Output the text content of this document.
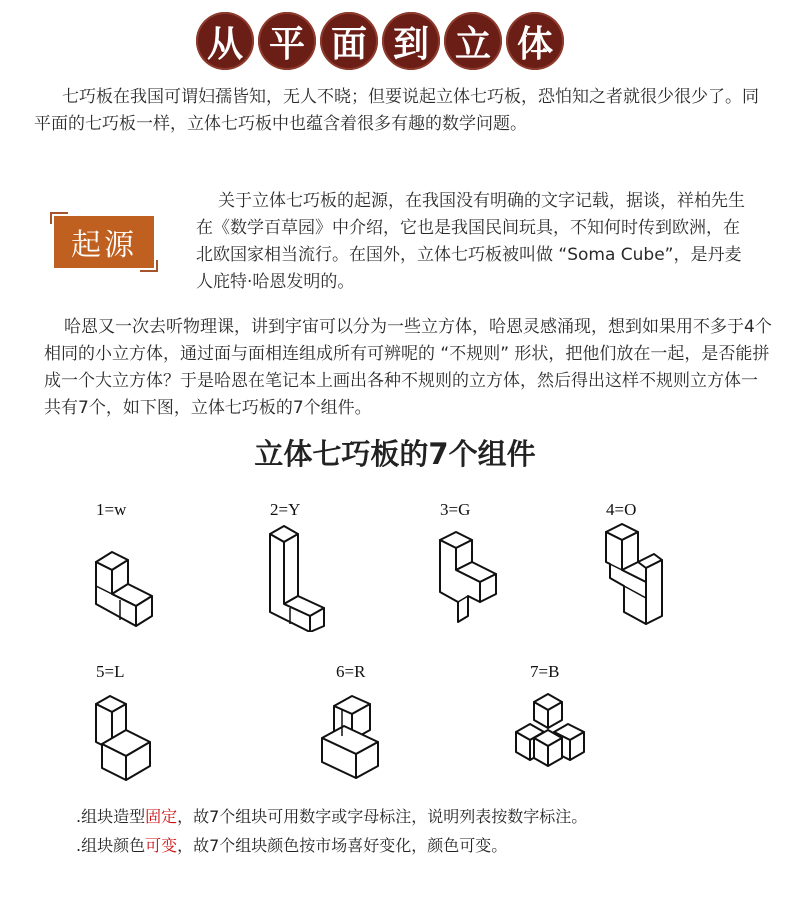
从 平 面 到 立 体

七巧板在我国可谓妇孺皆知，无人不晓；但要说起立体七巧板，恐怕知之者就很少很少了。同平面的七巧板一样，立体七巧板中也蕴含着很多有趣的数学问题。

起源

关于立体七巧板的起源，在我国没有明确的文字记载，据谈，祥柏先生在《数学百草园》中介绍，它也是我国民间玩具，不知何时传到欧洲，在北欧国家相当流行。在国外，立体七巧板被叫做 “Soma Cube”，是丹麦人庇特·哈恩发明的。

哈恩又一次去听物理课，讲到宇宙可以分为一些立方体，哈恩灵感涌现，想到如果用不多于4个相同的小立方体，通过面与面相连组成所有可辨呢的 “不规则” 形状，把他们放在一起，是否能拼成一个大立方体？于是哈恩在笔记本上画出各种不规则的立方体，然后得出这样不规则立方体一共有7个，如下图，立体七巧板的7个组件。

立体七巧板的7个组件
1=w	2=Y	3=G	4=O
5=L	6=R	7=B

.组块造型固定，故7个组块可用数字或字母标注，说明列表按数字标注。

.组块颜色可变，故7个组块颜色按市场喜好变化，颜色可变。
